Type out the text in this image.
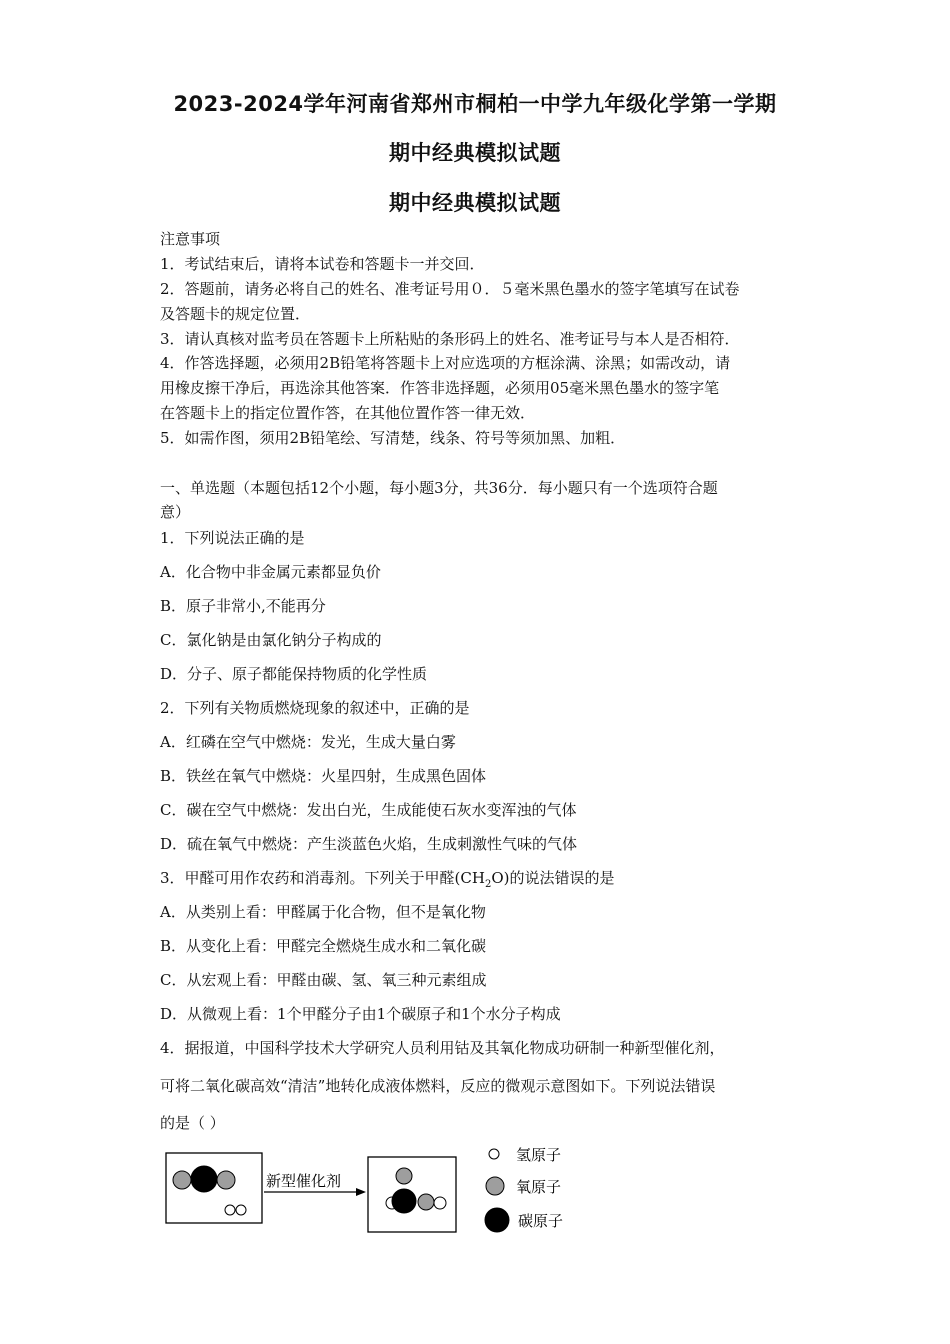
2023-2024学年河南省郑州市桐柏一中学九年级化学第一学期
期中经典模拟试题
期中经典模拟试题
注意事项
1．考试结束后，请将本试卷和答题卡一并交回．
2．答题前，请务必将自己的姓名、准考证号用０．５毫米黑色墨水的签字笔填写在试卷
及答题卡的规定位置．
3．请认真核对监考员在答题卡上所粘贴的条形码上的姓名、准考证号与本人是否相符．
4．作答选择题，必须用2B铅笔将答题卡上对应选项的方框涂满、涂黑；如需改动，请
用橡皮擦干净后，再选涂其他答案．作答非选择题，必须用05毫米黑色墨水的签字笔
在答题卡上的指定位置作答，在其他位置作答一律无效．
5．如需作图，须用2B铅笔绘、写清楚，线条、符号等须加黑、加粗．
一、单选题（本题包括12个小题，每小题3分，共36分．每小题只有一个选项符合题
意）
1．下列说法正确的是
A．化合物中非金属元素都显负价
B．原子非常小,不能再分
C．氯化钠是由氯化钠分子构成的
D．分子、原子都能保持物质的化学性质
2．下列有关物质燃烧现象的叙述中，正确的是
A．红磷在空气中燃烧：发光，生成大量白雾
B．铁丝在氧气中燃烧：火星四射，生成黑色固体
C．碳在空气中燃烧：发出白光，生成能使石灰水变浑浊的气体
D．硫在氧气中燃烧：产生淡蓝色火焰，生成刺激性气味的气体
3．甲醛可用作农药和消毒剂。下列关于甲醛$(CH_2O)$的说法错误的是
A．从类别上看：甲醛属于化合物，但不是氧化物
B．从变化上看：甲醛完全燃烧生成水和二氧化碳
C．从宏观上看：甲醛由碳、氢、氧三种元素组成
D．从微观上看：1个甲醛分子由1个碳原子和1个水分子构成
4．据报道，中国科学技术大学研究人员利用钴及其氧化物成功研制一种新型催化剂，
可将二氧化碳高效“清洁”地转化成液体燃料，反应的微观示意图如下。下列说法错误
的是（ ）
新型催化剂
氢原子
氧原子
碳原子
